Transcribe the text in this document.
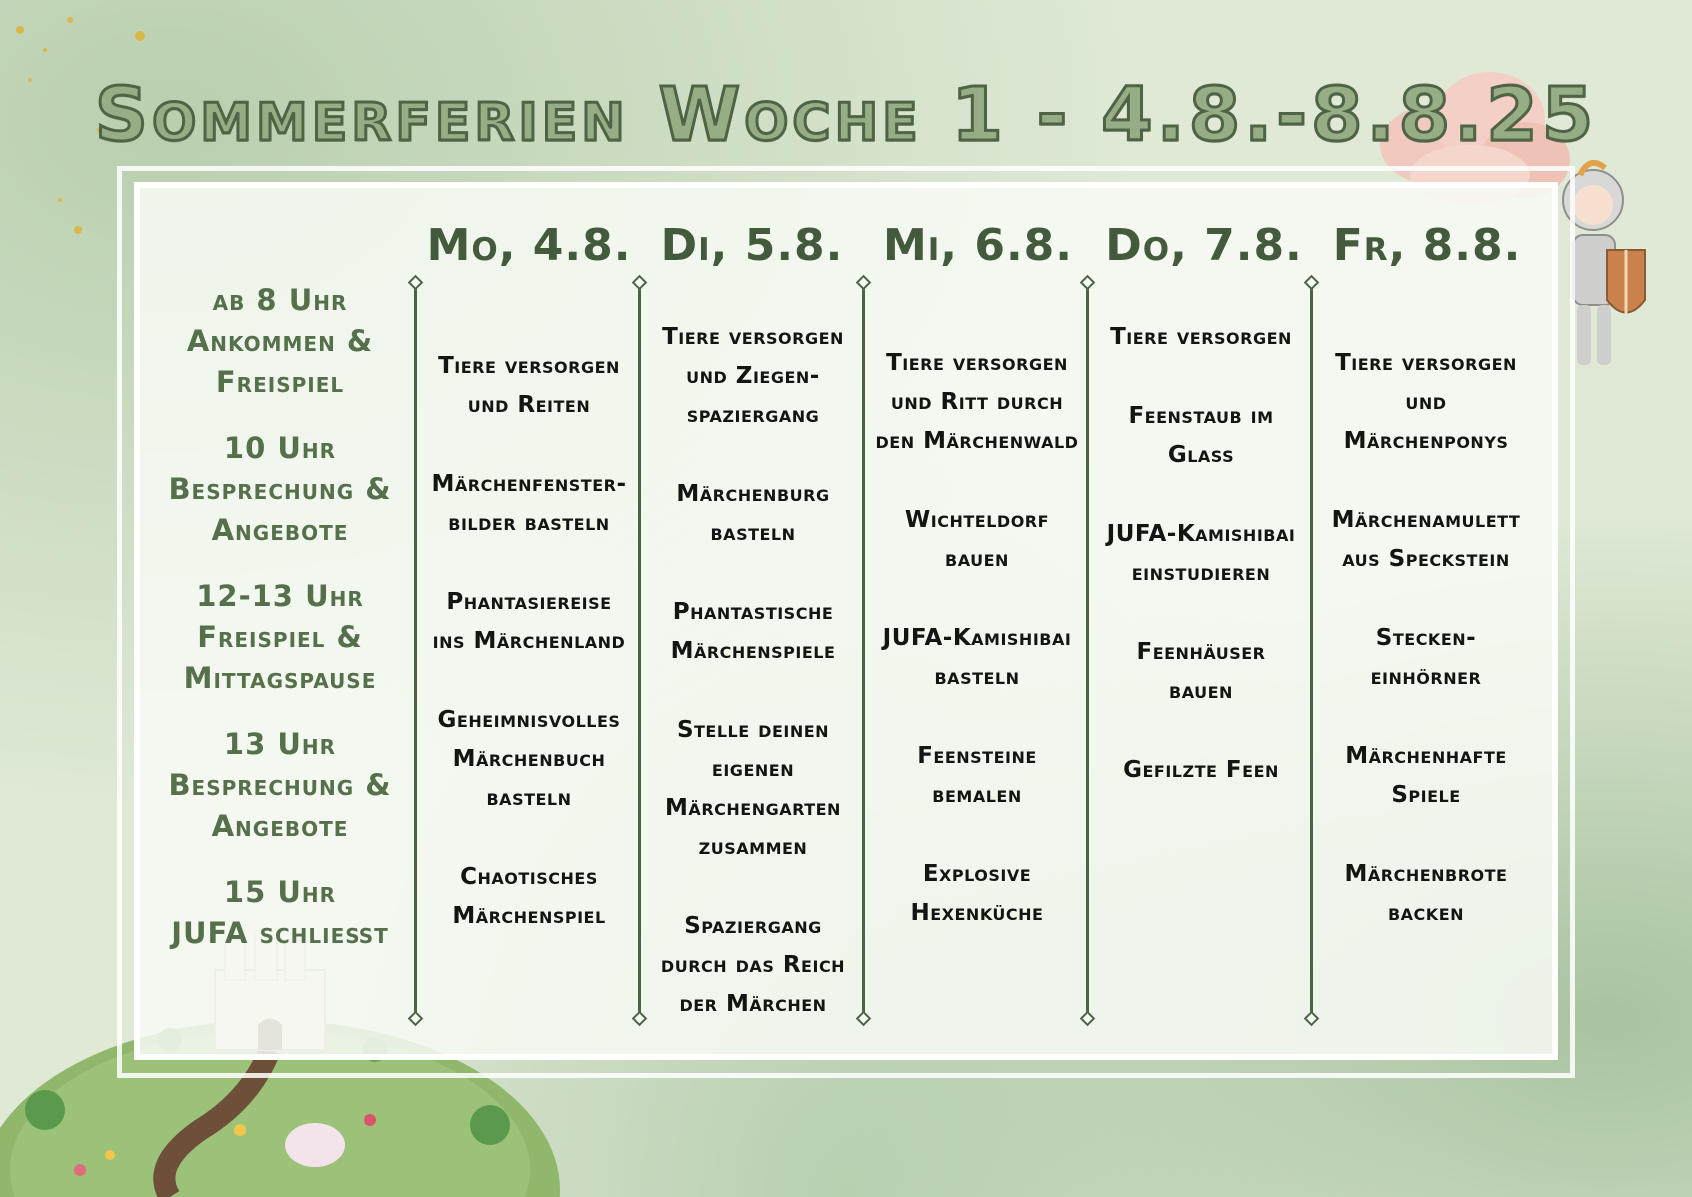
Sommerferien Woche 1 - 4.8.-8.8.25
ab 8 Uhr
Ankommen &
Freispiel
10 Uhr
Besprechung &
Angebote
12-13 Uhr
Freispiel &
Mittagspause
13 Uhr
Besprechung &
Angebote
15 Uhr
JUFA schließt
Mo, 4.8. Di, 5.8. Mi, 6.8. Do, 7.8. Fr, 8.8.
Tiere versorgen
und Reiten
Märchenfenster-
bilder basteln
Phantasiereise
ins Märchenland
Geheimnisvolles
Märchenbuch
basteln
Chaotisches
Märchenspiel
Tiere versorgen
und Ziegen-
spaziergang
Märchenburg
basteln
Phantastische
Märchenspiele
Stelle deinen
eigenen
Märchengarten
zusammen
Spaziergang
durch das Reich
der Märchen
Tiere versorgen
und Ritt durch
den Märchenwald
Wichteldorf
bauen
JUFA-Kamishibai
basteln
Feensteine
bemalen
Explosive
Hexenküche
Tiere versorgen
Feenstaub im
Glass
JUFA-Kamishibai
einstudieren
Feenhäuser
bauen
Gefilzte Feen
Tiere versorgen
und
Märchenponys
Märchenamulett
aus Speckstein
Stecken-
einhörner
Märchenhafte
Spiele
Märchenbrote
backen
